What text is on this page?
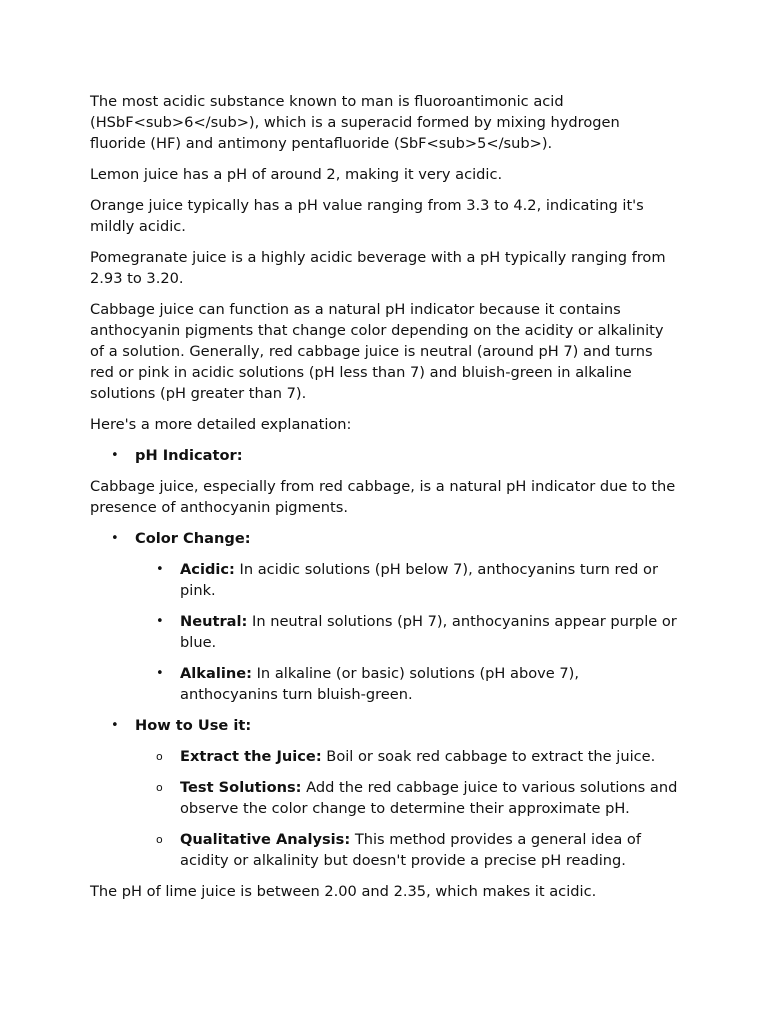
The most acidic substance known to man is fluoroantimonic acid (HSbF<sub>6</sub>), which is a superacid formed by mixing hydrogen fluoride (HF) and antimony pentafluoride (SbF<sub>5</sub>).

Lemon juice has a pH of around 2, making it very acidic.

Orange juice typically has a pH value ranging from 3.3 to 4.2, indicating it's mildly acidic.

Pomegranate juice is a highly acidic beverage with a pH typically ranging from 2.93 to 3.20.

Cabbage juice can function as a natural pH indicator because it contains anthocyanin pigments that change color depending on the acidity or alkalinity of a solution. Generally, red cabbage juice is neutral (around pH 7) and turns red or pink in acidic solutions (pH less than 7) and bluish-green in alkaline solutions (pH greater than 7).

Here's a more detailed explanation:

•
pH Indicator:

Cabbage juice, especially from red cabbage, is a natural pH indicator due to the presence of anthocyanin pigments.

•
Color Change:
•
Acidic: In acidic solutions (pH below 7), anthocyanins turn red or pink.
•
Neutral: In neutral solutions (pH 7), anthocyanins appear purple or blue.
•
Alkaline: In alkaline (or basic) solutions (pH above 7), anthocyanins turn bluish-green.
•
How to Use it:
o
Extract the Juice: Boil or soak red cabbage to extract the juice.
o
Test Solutions: Add the red cabbage juice to various solutions and observe the color change to determine their approximate pH.
o
Qualitative Analysis: This method provides a general idea of acidity or alkalinity but doesn't provide a precise pH reading.

The pH of lime juice is between 2.00 and 2.35, which makes it acidic.
